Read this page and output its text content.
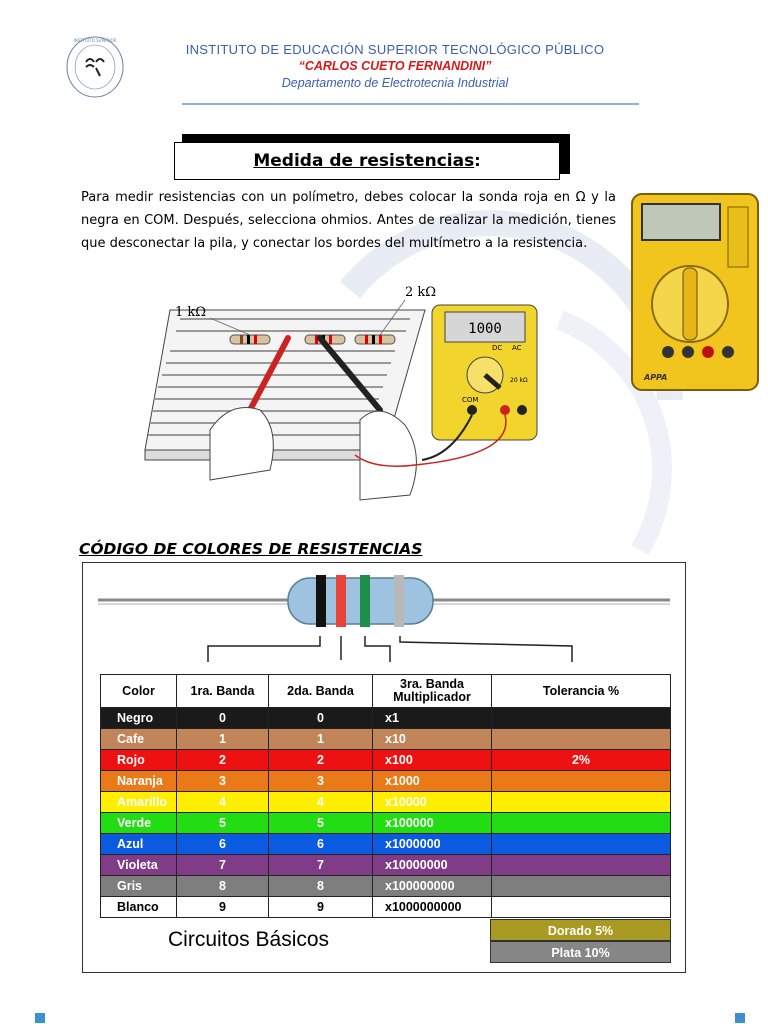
INSTITUTO SUPERIOR
INSTITUTO DE EDUCACIÓN SUPERIOR TECNOLÓGICO PÚBLICO
“CARLOS CUETO FERNANDINI”
Departamento de Electrotecnia Industrial
Medida de resistencias:
Para medir resistencias con un polímetro, debes colocar la sonda roja en Ω y la negra en COM. Después, selecciona ohmios. Antes de realizar la medición, tienes que desconectar la pila, y conectar los bordes del multímetro a la resistencia.
1 kΩ
2 kΩ
1000
DC AC
20 kΩ
COM
APPA
CÓDIGO DE COLORES DE RESISTENCIAS
Color	1ra. Banda	2da. Banda	3ra. Banda
Multiplicador	Tolerancia %
Negro	0	0	x1	
Cafe	1	1	x10	
Rojo	2	2	x100	2%
Naranja	3	3	x1000	
Amarillo	4	4	x10000	
Verde	5	5	x100000	
Azul	6	6	x1000000	
Violeta	7	7	x10000000	
Gris	8	8	x100000000	
Blanco	9	9	x1000000000	
Circuitos Básicos	Dorado 5%
Plata 10%
